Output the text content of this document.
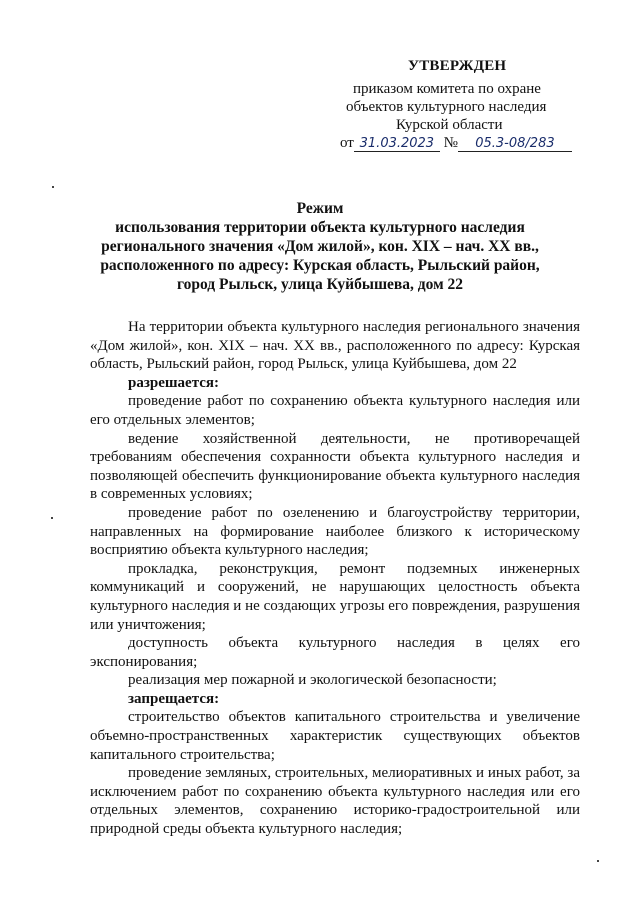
УТВЕРЖДЕН
приказом комитета по охране
объектов культурного наследия
Курской области
от 31.03.2023 № 05.3-08/283
Режим
использования территории объекта культурного наследия
регионального значения «Дом жилой», кон. XIX – нач. XX вв.,
расположенного по адресу: Курская область, Рыльский район,
город Рыльск, улица Куйбышева, дом 22

На территории объекта культурного наследия регионального значения «Дом жилой», кон. XIX – нач. XX вв., расположенного по адресу: Курская область, Рыльский район, город Рыльск, улица Куйбышева, дом 22

разрешается:

проведение работ по сохранению объекта культурного наследия или его отдельных элементов;

ведение хозяйственной деятельности, не противоречащей требованиям обеспечения сохранности объекта культурного наследия и позволяющей обеспечить функционирование объекта культурного наследия в современных условиях;

проведение работ по озеленению и благоустройству территории, направленных на формирование наиболее близкого к историческому восприятию объекта культурного наследия;

прокладка, реконструкция, ремонт подземных инженерных коммуникаций и сооружений, не нарушающих целостность объекта культурного наследия и не создающих угрозы его повреждения, разрушения или уничтожения;

доступность объекта культурного наследия в целях его экспонирования;

реализация мер пожарной и экологической безопасности;

запрещается:

строительство объектов капитального строительства и увеличение объемно-пространственных характеристик существующих объектов капитального строительства;

проведение земляных, строительных, мелиоративных и иных работ, за исключением работ по сохранению объекта культурного наследия или его отдельных элементов, сохранению историко-градостроительной или природной среды объекта культурного наследия;
